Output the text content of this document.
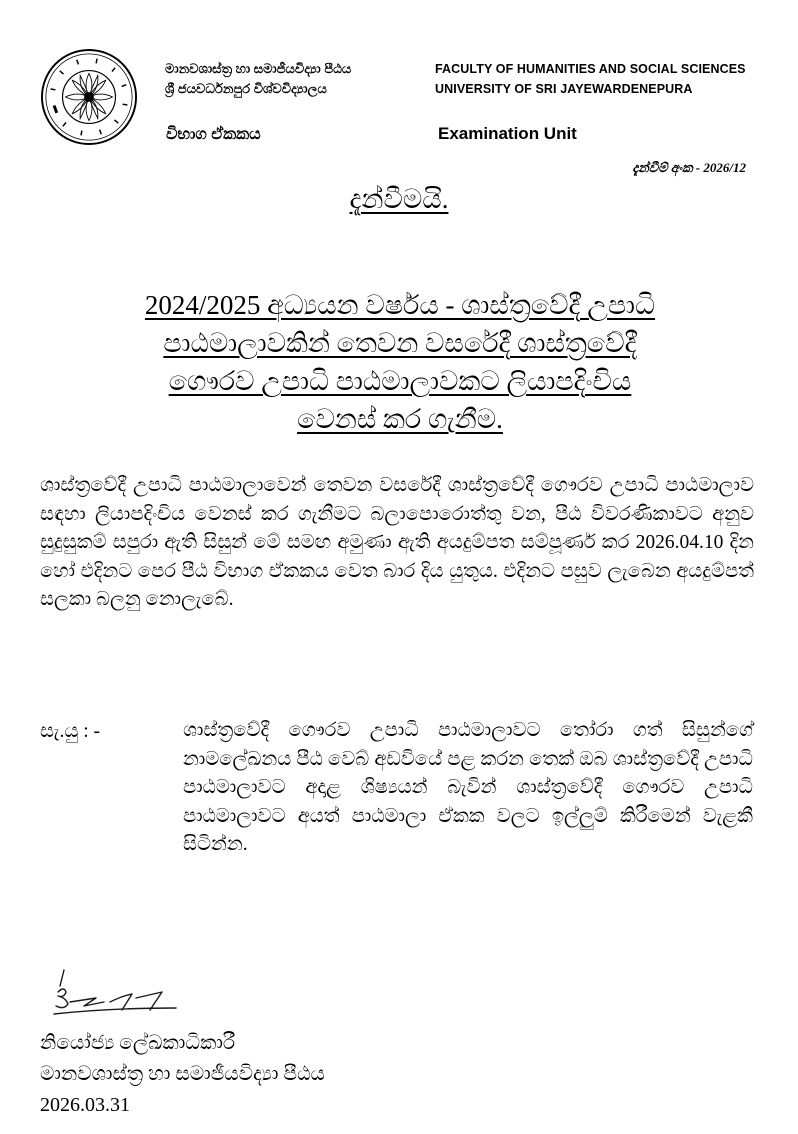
මානවශාස්ත්‍ර හා සමාජීයවිද්‍යා පීඨය
ශ්‍රී ජයවර්ධනපුර විශ්වවිද්‍යාලය
FACULTY OF HUMANITIES AND SOCIAL SCIENCES
UNIVERSITY OF SRI JAYEWARDENEPURA
විභාග ඒකකය	Examination Unit
දැන්වීම් අංක - 2026/12
දැන්වීමයි.
2024/2025 අධ්‍යයන වර්ෂය - ශාස්ත්‍රවේදී උපාධි
පාඨමාලාවකින් තෙවන වසරේදී ශාස්ත්‍රවේදී
ගෞරව උපාධි පාඨමාලාවකට ලියාපදිංචිය
වෙනස් කර ගැනීම.
ශාස්ත්‍රවේදී උපාධි පාඨමාලාවෙන් තෙවන වසරේදී ශාස්ත්‍රවේදී ගෞරව උපාධි පාඨමාලාව සඳහා ලියාපදිංචිය වෙනස් කර ගැනීමට බලාපොරොත්තු වන, පීඨ විවරණිකාවට අනුව සුදුසුකම් සපුරා ඇති සිසුන් මේ සමඟ අමුණා ඇති අයදුම්පත සම්පූර්ණ කර 2026.04.10 දින හෝ එදිනට පෙර පීඨ විභාග ඒකකය වෙත බාර දිය යුතුය. එදිනට පසුව ලැබෙන අයදුම්පත් සලකා බලනු නොලැබේ.
සැ.යු : -	ශාස්ත්‍රවේදී ගෞරව උපාධි පාඨමාලාවට තෝරා ගත් සිසුන්ගේ නාමලේඛනය පීඨ වෙබ් අඩවියේ පළ කරන තෙක් ඔබ ශාස්ත්‍රවේදී උපාධි පාඨමාලාවට අදාළ ශිෂ්‍යයන් බැවින් ශාස්ත්‍රවේදී ගෞරව උපාධි පාඨමාලාවට අයත් පාඨමාලා ඒකක වලට ඉල්ලුම් කිරීමෙන් වැළකී සිටින්න.
නියෝජ්‍ය ලේඛකාධිකාරී
මානවශාස්ත්‍ර හා සමාජීයවිද්‍යා පීඨය
2026.03.31
